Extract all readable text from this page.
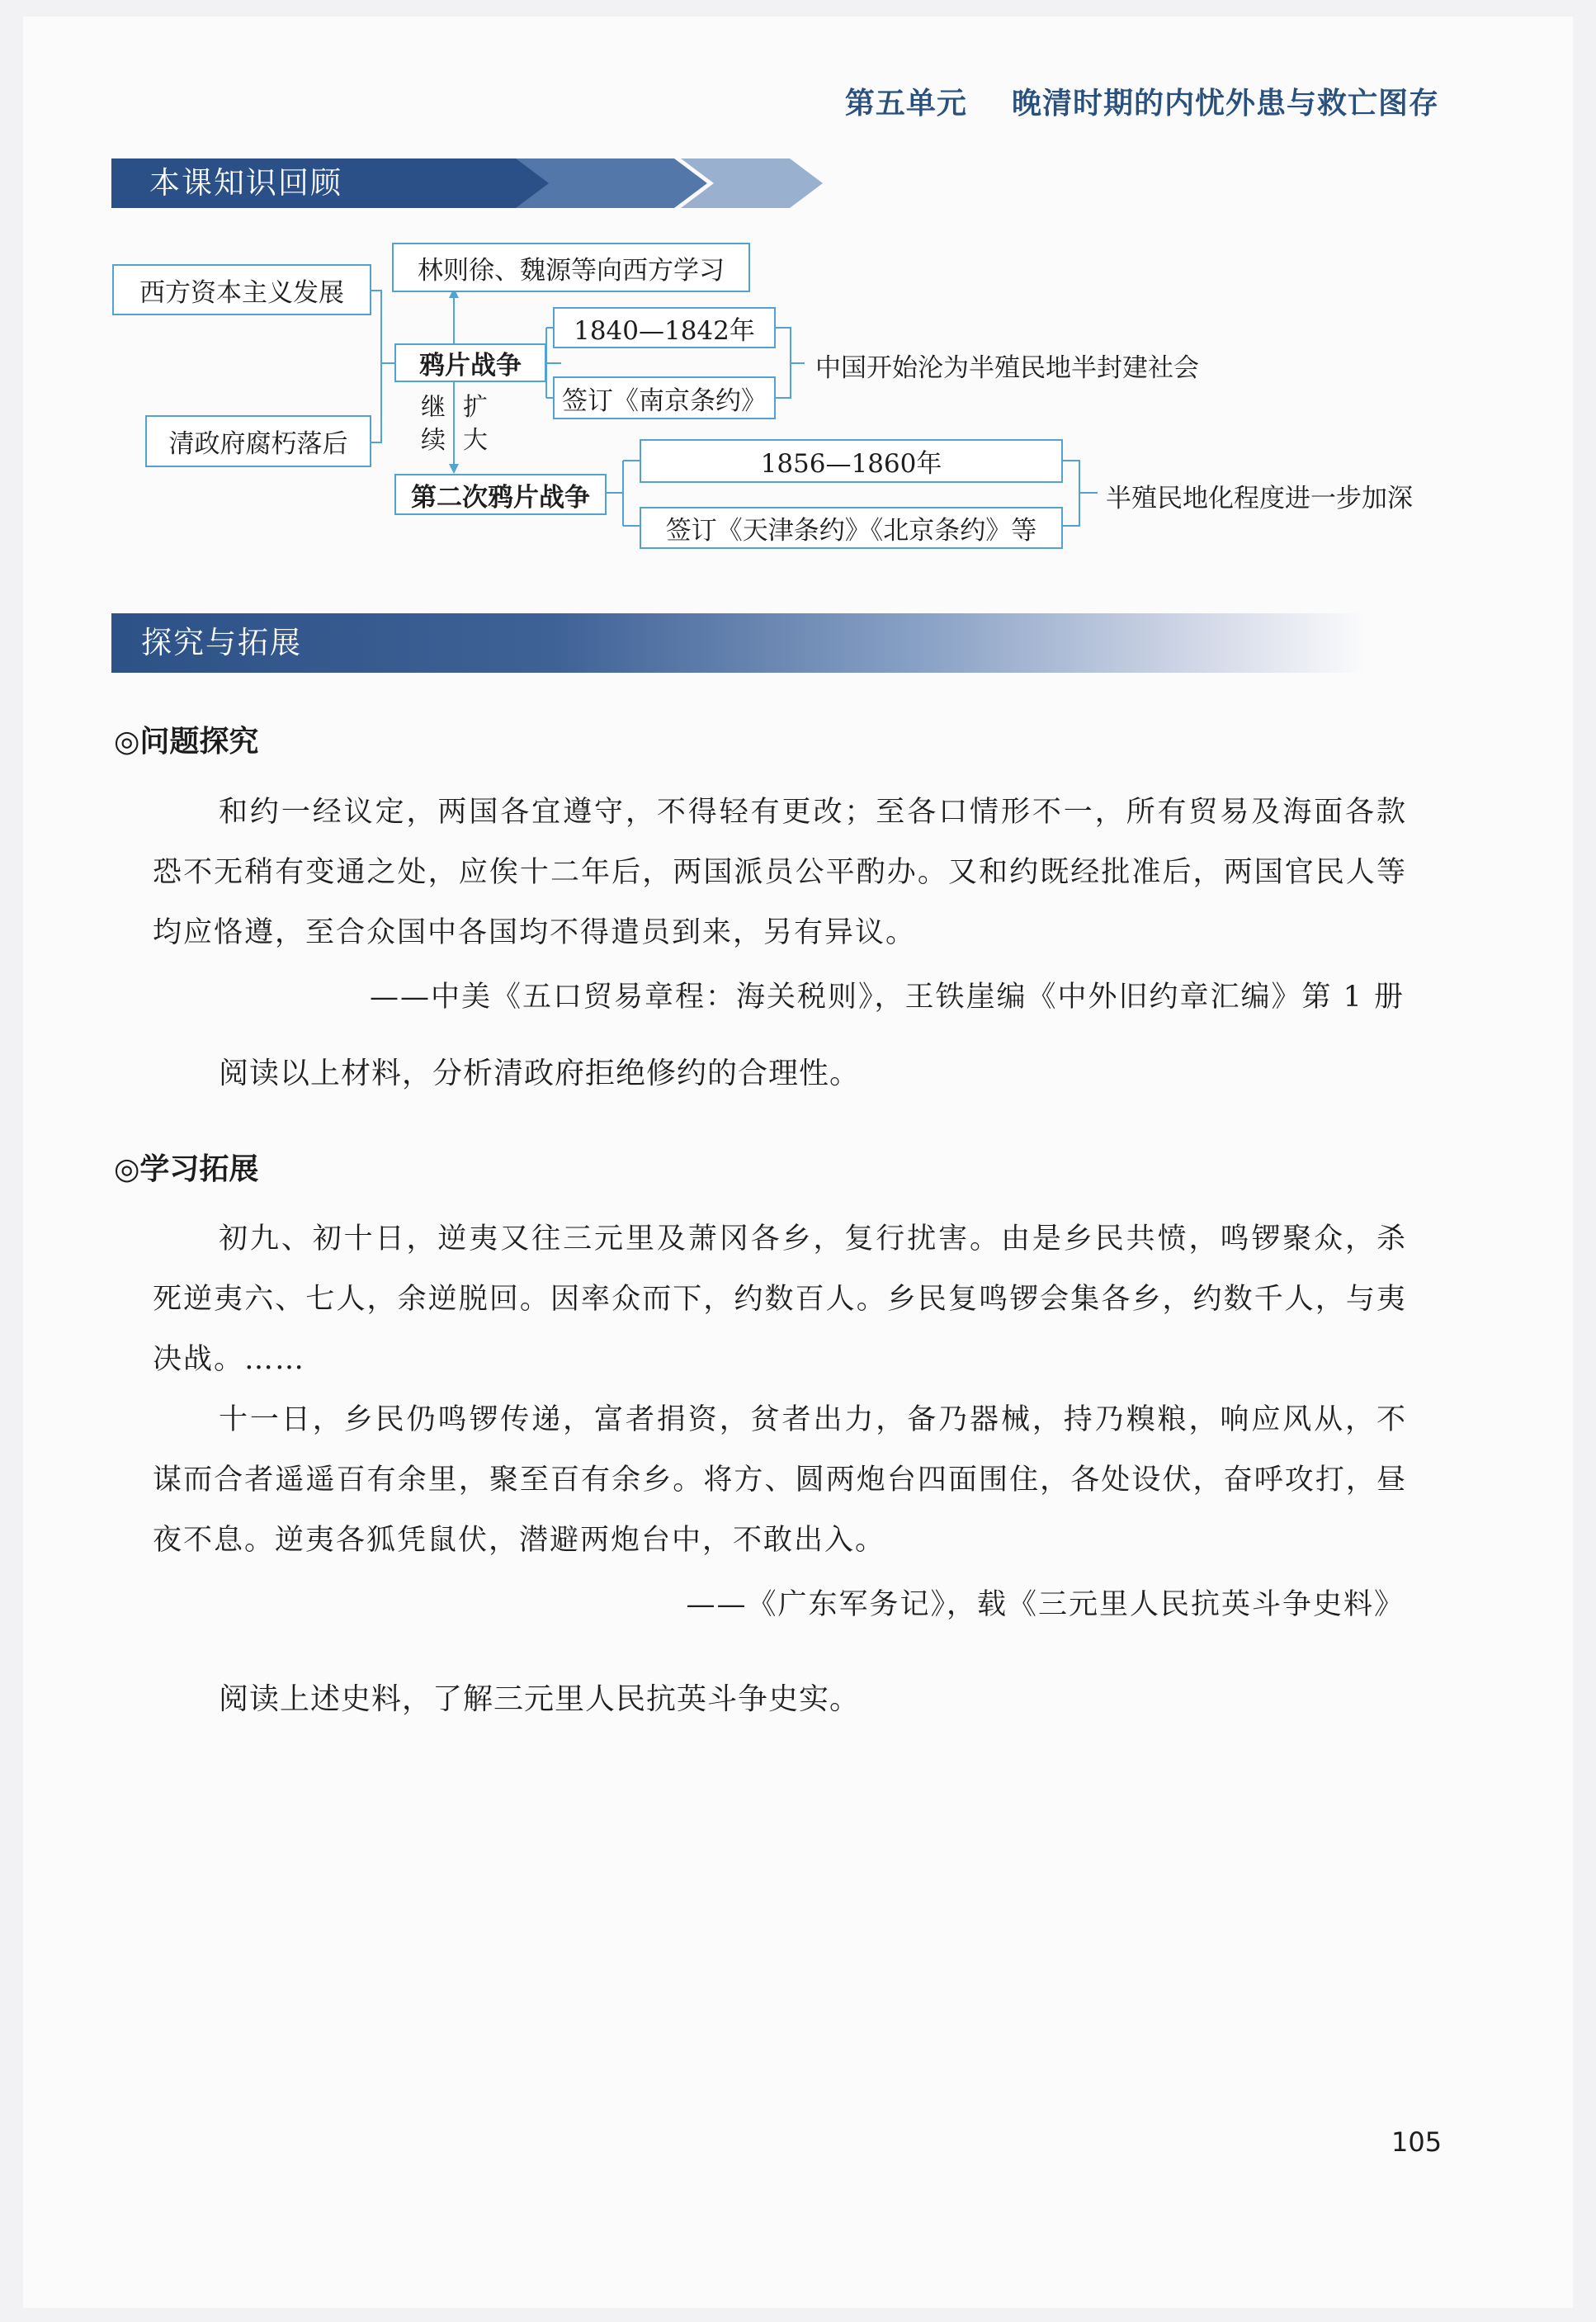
第五单元    晚清时期的内忧外患与救亡图存
本课知识回顾
西方资本主义发展
清政府腐朽落后
林则徐、魏源等向西方学习
鸦片战争
1840—1842年
签订《南京条约》
中国开始沦为半殖民地半封建社会
继续
扩大
第二次鸦片战争
1856—1860年
签订《天津条约》《北京条约》等
半殖民地化程度进一步加深
探究与拓展
◎问题探究
和约一经议定，两国各宜遵守，不得轻有更改；至各口情形不一，所有贸易及海面各款恐不无稍有变通之处，应俟十二年后，两国派员公平酌办。又和约既经批准后，两国官民人等均应恪遵，至合众国中各国均不得遣员到来，另有异议。
——中美《五口贸易章程：海关税则》，王铁崖编《中外旧约章汇编》第 1 册
阅读以上材料，分析清政府拒绝修约的合理性。
◎学习拓展
初九、初十日，逆夷又往三元里及萧冈各乡，复行扰害。由是乡民共愤，鸣锣聚众，杀死逆夷六、七人，余逆脱回。因率众而下，约数百人。乡民复鸣锣会集各乡，约数千人，与夷决战。……
十一日，乡民仍鸣锣传递，富者捐资，贫者出力，备乃器械，持乃糗粮，响应风从，不谋而合者遥遥百有余里，聚至百有余乡。将方、圆两炮台四面围住，各处设伏，奋呼攻打，昼夜不息。逆夷各狐凭鼠伏，潜避两炮台中，不敢出入。
——《广东军务记》，载《三元里人民抗英斗争史料》
阅读上述史料，了解三元里人民抗英斗争史实。
105
